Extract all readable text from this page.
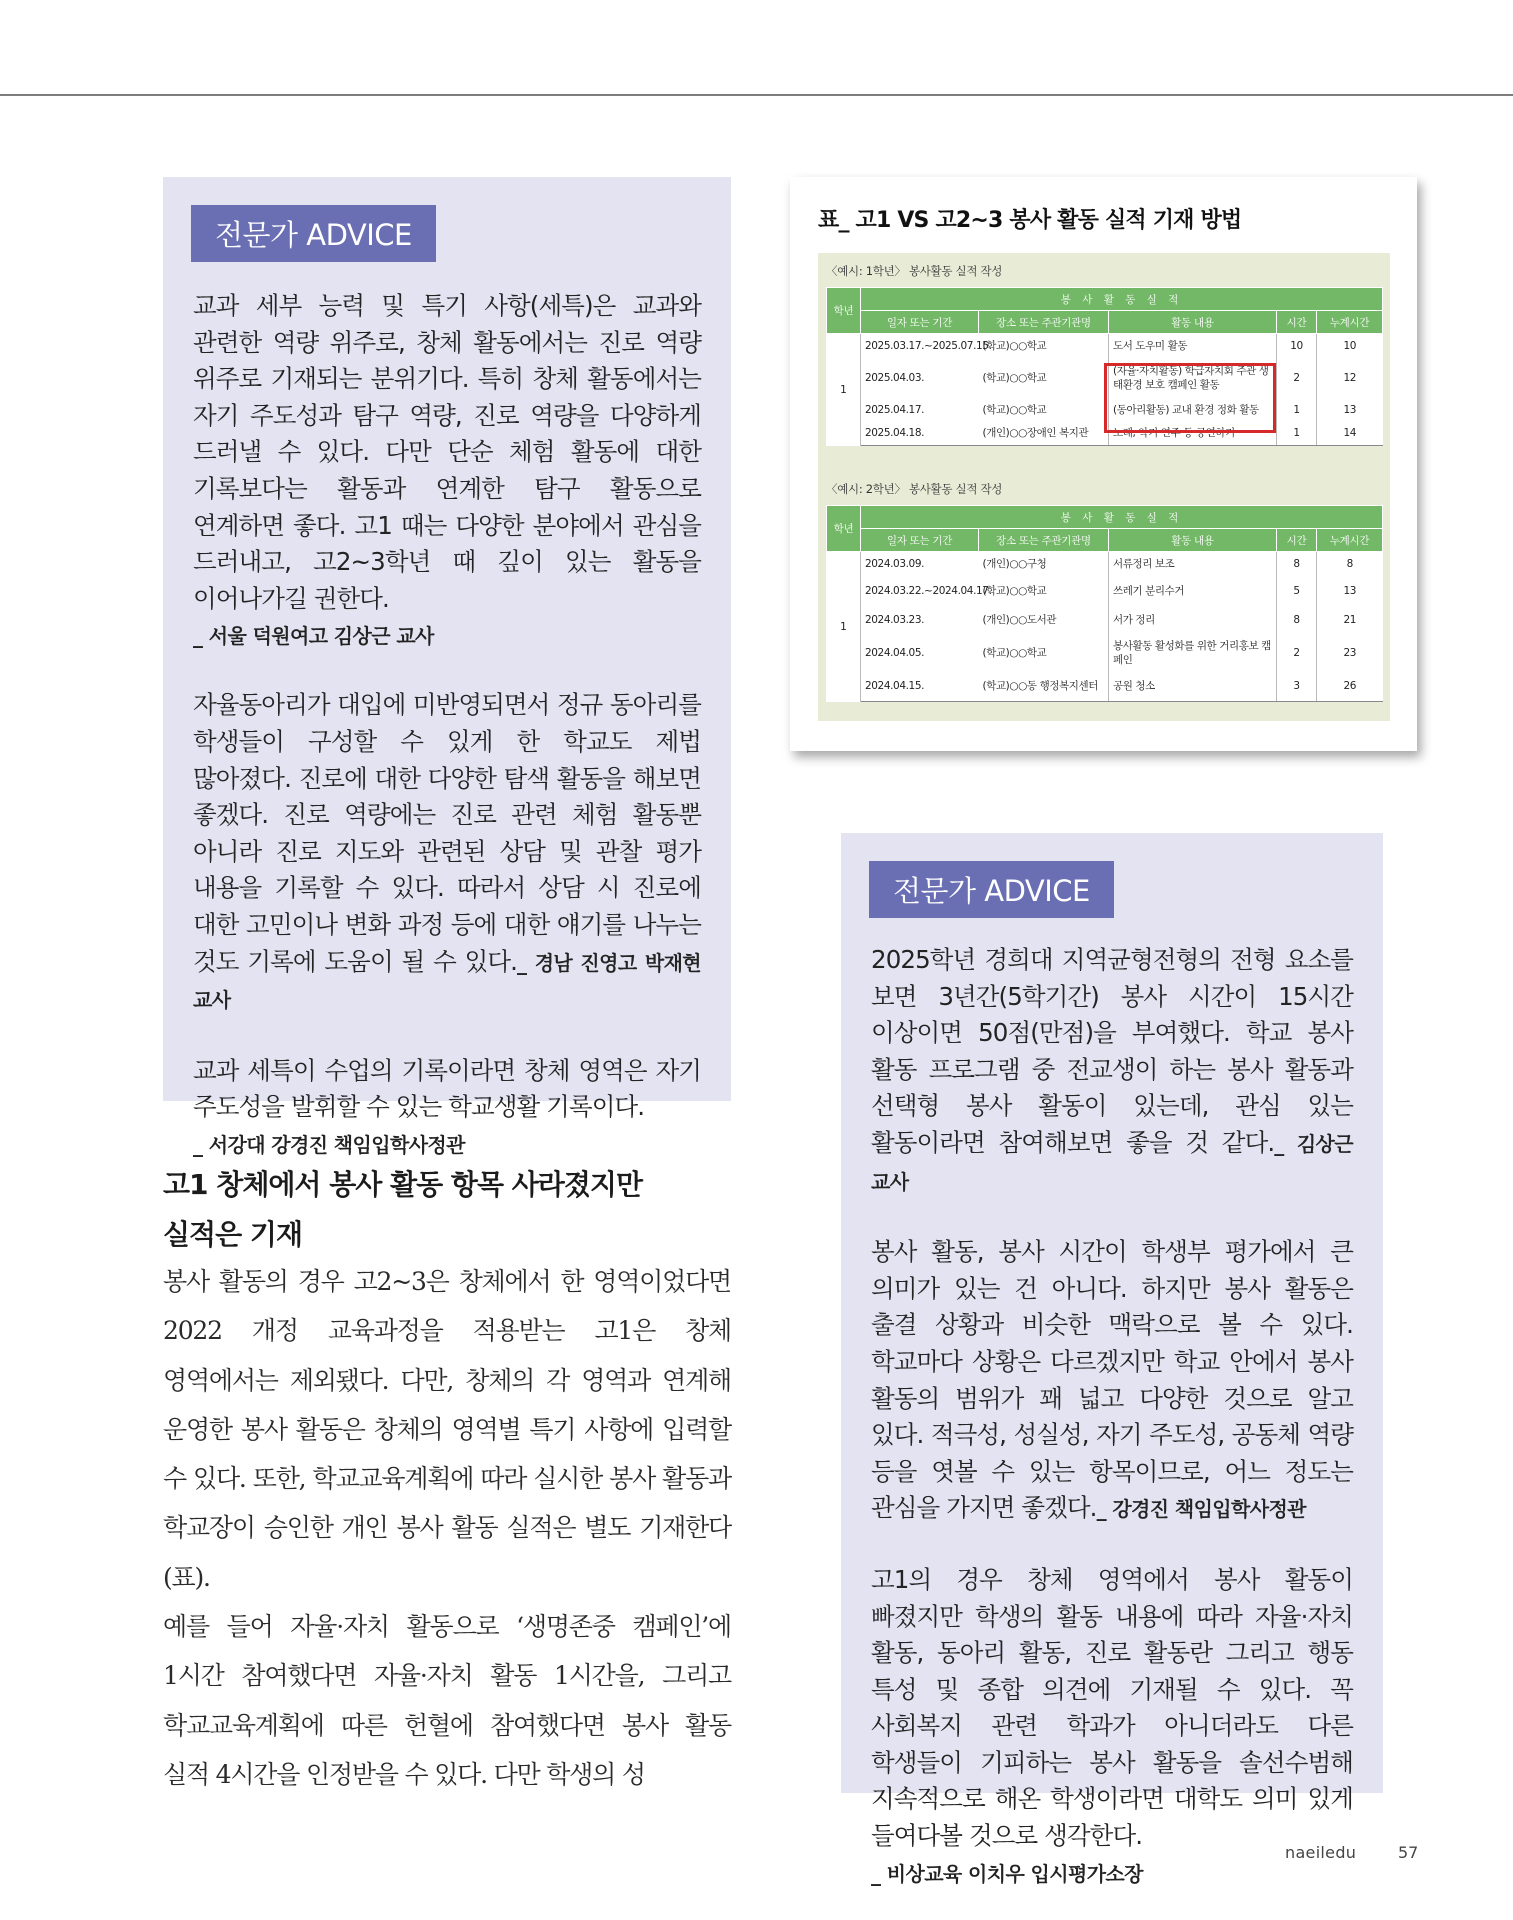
전문가 ADVICE

교과 세부 능력 및 특기 사항(세특)은 교과와 관련한 역량 위주로, 창체 활동에서는 진로 역량 위주로 기재되는 분위기다. 특히 창체 활동에서는 자기 주도성과 탐구 역량, 진로 역량을 다양하게 드러낼 수 있다. 다만 단순 체험 활동에 대한 기록보다는 활동과 연계한 탐구 활동으로 연계하면 좋다. 고1 때는 다양한 분야에서 관심을 드러내고, 고2~3학년 때 깊이 있는 활동을 이어나가길 권한다.

_ 서울 덕원여고 김상근 교사

자율동아리가 대입에 미반영되면서 정규 동아리를 학생들이 구성할 수 있게 한 학교도 제법 많아졌다. 진로에 대한 다양한 탐색 활동을 해보면 좋겠다. 진로 역량에는 진로 관련 체험 활동뿐 아니라 진로 지도와 관련된 상담 및 관찰 평가 내용을 기록할 수 있다. 따라서 상담 시 진로에 대한 고민이나 변화 과정 등에 대한 얘기를 나누는 것도 기록에 도움이 될 수 있다._ 경남 진영고 박재현 교사

교과 세특이 수업의 기록이라면 창체 영역은 자기 주도성을 발휘할 수 있는 학교생활 기록이다.

_ 서강대 강경진 책임입학사정관
표_ 고1 VS 고2~3 봉사 활동 실적 기재 방법
〈예시: 1학년〉 봉사활동 실적 작성
학년	봉 사 활 동 실 적				
	일자 또는 기간	장소 또는 주관기관명	활동 내용	시간	누계시간
1	2025.03.17.~2025.07.15.	(학교)○○학교	도서 도우미 활동	10	10
	2025.04.03.	(학교)○○학교	(자율·자치활동) 학급자치회 주관 생태환경 보호 캠페인 활동	2	12
	2025.04.17.	(학교)○○학교	(동아리활동) 교내 환경 정화 활동	1	13
	2025.04.18.	(개인)○○장애인 복지관	노래, 악기 연주 등 공연하기	1	14
〈예시: 2학년〉 봉사활동 실적 작성
학년	봉 사 활 동 실 적				
	일자 또는 기간	장소 또는 주관기관명	활동 내용	시간	누계시간
1	2024.03.09.	(개인)○○구청	서류정리 보조	8	8
	2024.03.22.~2024.04.17.	(학교)○○학교	쓰레기 분리수거	5	13
	2024.03.23.	(개인)○○도서관	서가 정리	8	21
	2024.04.05.	(학교)○○학교	봉사활동 활성화를 위한 거리홍보 캠페인	2	23
	2024.04.15.	(학교)○○동 행정복지센터	공원 청소	3	26
전문가 ADVICE

2025학년 경희대 지역균형전형의 전형 요소를 보면 3년간(5학기간) 봉사 시간이 15시간 이상이면 50점(만점)을 부여했다. 학교 봉사 활동 프로그램 중 전교생이 하는 봉사 활동과 선택형 봉사 활동이 있는데, 관심 있는 활동이라면 참여해보면 좋을 것 같다._ 김상근 교사

봉사 활동, 봉사 시간이 학생부 평가에서 큰 의미가 있는 건 아니다. 하지만 봉사 활동은 출결 상황과 비슷한 맥락으로 볼 수 있다. 학교마다 상황은 다르겠지만 학교 안에서 봉사 활동의 범위가 꽤 넓고 다양한 것으로 알고 있다. 적극성, 성실성, 자기 주도성, 공동체 역량 등을 엿볼 수 있는 항목이므로, 어느 정도는 관심을 가지면 좋겠다._ 강경진 책임입학사정관

고1의 경우 창체 영역에서 봉사 활동이 빠졌지만 학생의 활동 내용에 따라 자율·자치 활동, 동아리 활동, 진로 활동란 그리고 행동 특성 및 종합 의견에 기재될 수 있다. 꼭 사회복지 관련 학과가 아니더라도 다른 학생들이 기피하는 봉사 활동을 솔선수범해 지속적으로 해온 학생이라면 대학도 의미 있게 들여다볼 것으로 생각한다.

_ 비상교육 이치우 입시평가소장
고1 창체에서 봉사 활동 항목 사라졌지만
실적은 기재

봉사 활동의 경우 고2~3은 창체에서 한 영역이었다면 2022 개정 교육과정을 적용받는 고1은 창체 영역에서는 제외됐다. 다만, 창체의 각 영역과 연계해 운영한 봉사 활동은 창체의 영역별 특기 사항에 입력할 수 있다. 또한, 학교교육계획에 따라 실시한 봉사 활동과 학교장이 승인한 개인 봉사 활동 실적은 별도 기재한다(표).

예를 들어 자율·자치 활동으로 ‘생명존중 캠페인’에 1시간 참여했다면 자율·자치 활동 1시간을, 그리고 학교교육계획에 따른 헌혈에 참여했다면 봉사 활동 실적 4시간을 인정받을 수 있다. 다만 학생의 성

naeiledu	57
